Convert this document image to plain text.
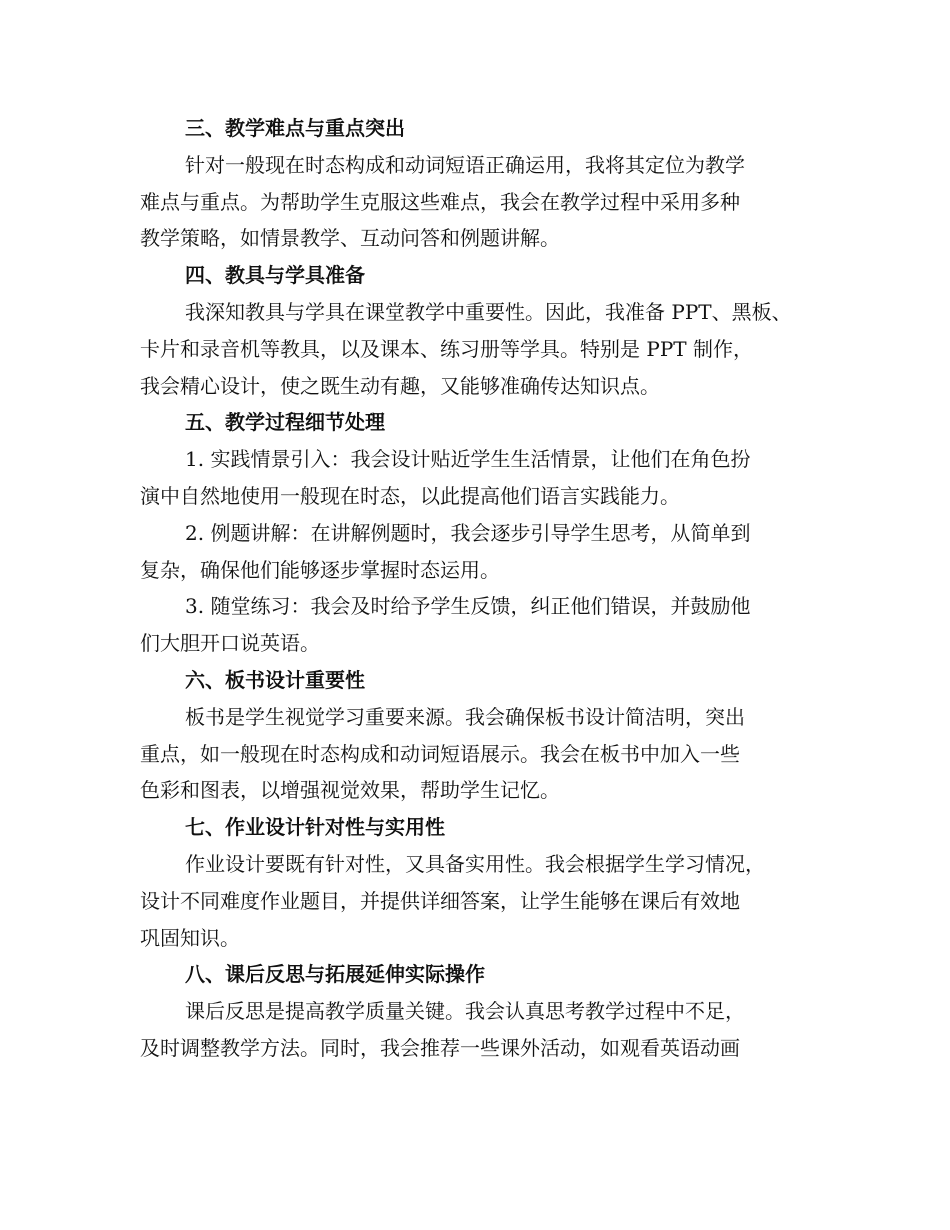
三、教学难点与重点突出
针对一般现在时态构成和动词短语正确运用，我将其定位为教学
难点与重点。为帮助学生克服这些难点，我会在教学过程中采用多种
教学策略，如情景教学、互动问答和例题讲解。
四、教具与学具准备
我深知教具与学具在课堂教学中重要性。因此，我准备 PPT、黑板、
卡片和录音机等教具，以及课本、练习册等学具。特别是 PPT 制作，
我会精心设计，使之既生动有趣，又能够准确传达知识点。
五、教学过程细节处理
1. 实践情景引入：我会设计贴近学生生活情景，让他们在角色扮
演中自然地使用一般现在时态，以此提高他们语言实践能力。
2. 例题讲解：在讲解例题时，我会逐步引导学生思考，从简单到
复杂，确保他们能够逐步掌握时态运用。
3. 随堂练习：我会及时给予学生反馈，纠正他们错误，并鼓励他
们大胆开口说英语。
六、板书设计重要性
板书是学生视觉学习重要来源。我会确保板书设计简洁明，突出
重点，如一般现在时态构成和动词短语展示。我会在板书中加入一些
色彩和图表，以增强视觉效果，帮助学生记忆。
七、作业设计针对性与实用性
作业设计要既有针对性，又具备实用性。我会根据学生学习情况，
设计不同难度作业题目，并提供详细答案，让学生能够在课后有效地
巩固知识。
八、课后反思与拓展延伸实际操作
课后反思是提高教学质量关键。我会认真思考教学过程中不足，
及时调整教学方法。同时，我会推荐一些课外活动，如观看英语动画
